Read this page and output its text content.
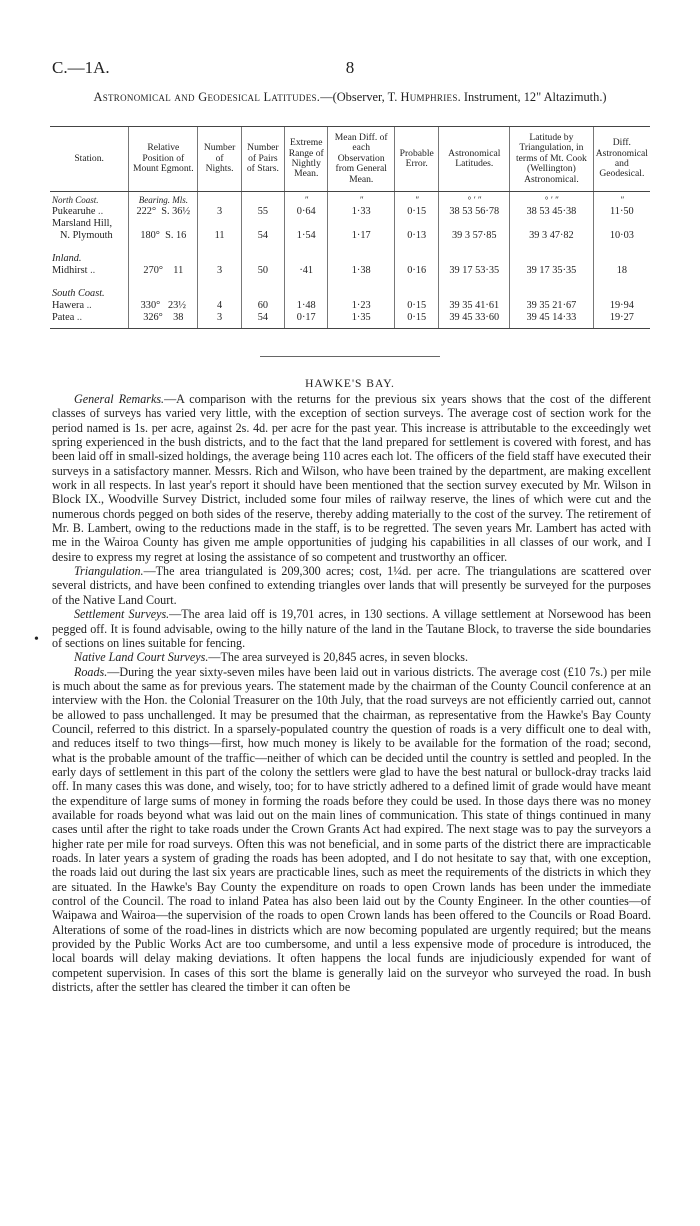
C.—1A.	8
Astronomical and Geodesical Latitudes.—(Observer, T. Humphries. Instrument, 12" Altazimuth.)
Station.	Relative Position of Mount Egmont.	Number of Nights.	Number of Pairs of Stars.	Extreme Range of Nightly Mean.	Mean Diff. of each Observation from General Mean.	Probable Error.	Astronomical Latitudes.	Latitude by Triangulation, in terms of Mt. Cook (Wellington) Astronomical.	Diff. Astronomical and Geodesical.
North Coast.	Bearing. Mls.			"	"	"	° ′ ″	° ′ ″	"
Pukearuhe ..	222° S. 36½	3	55	0·64	1·33	0·15	38 53 56·78	38 53 45·38	11·50
Marsland Hill,
N. Plymouth	180° S. 16	11	54	1·54	1·17	0·13	39 3 57·85	39 3 47·82	10·03
Inland.									
Midhirst ..	270° 11	3	50	·41	1·38	0·16	39 17 53·35	39 17 35·35	18
South Coast.									
Hawera ..	330° 23½	4	60	1·48	1·23	0·15	39 35 41·61	39 35 21·67	19·94
Patea ..	326° 38	3	54	0·17	1·35	0·15	39 45 33·60	39 45 14·33	19·27
HAWKE'S BAY.
•

General Remarks.—A comparison with the returns for the previous six years shows that the cost of the different classes of surveys has varied very little, with the exception of section surveys. The average cost of section work for the period named is 1s. per acre, against 2s. 4d. per acre for the past year. This increase is attributable to the exceedingly wet spring experienced in the bush districts, and to the fact that the land prepared for settlement is covered with forest, and has been laid off in small-sized holdings, the average being 110 acres each lot. The officers of the field staff have executed their surveys in a satisfactory manner. Messrs. Rich and Wilson, who have been trained by the department, are making excellent work in all respects. In last year's report it should have been mentioned that the section survey executed by Mr. Wilson in Block IX., Woodville Survey District, included some four miles of railway reserve, the lines of which were cut and the numerous chords pegged on both sides of the reserve, thereby adding materially to the cost of the survey. The retirement of Mr. B. Lambert, owing to the reductions made in the staff, is to be regretted. The seven years Mr. Lambert has acted with me in the Wairoa County has given me ample opportunities of judging his capabilities in all classes of our work, and I desire to express my regret at losing the assistance of so competent and trustworthy an officer.

Triangulation.—The area triangulated is 209,300 acres; cost, 1¼d. per acre. The triangulations are scattered over several districts, and have been confined to extending triangles over lands that will presently be surveyed for the purposes of the Native Land Court.

Settlement Surveys.—The area laid off is 19,701 acres, in 130 sections. A village settlement at Norsewood has been pegged off. It is found advisable, owing to the hilly nature of the land in the Tautane Block, to traverse the side boundaries of sections on lines suitable for fencing.

Native Land Court Surveys.—The area surveyed is 20,845 acres, in seven blocks.

Roads.—During the year sixty-seven miles have been laid out in various districts. The average cost (£10 7s.) per mile is much about the same as for previous years. The statement made by the chairman of the County Council conference at an interview with the Hon. the Colonial Treasurer on the 10th July, that the road surveys are not efficiently carried out, cannot be allowed to pass unchallenged. It may be presumed that the chairman, as representative from the Hawke's Bay County Council, referred to this district. In a sparsely-populated country the question of roads is a very difficult one to deal with, and reduces itself to two things—first, how much money is likely to be available for the formation of the road; second, what is the probable amount of the traffic—neither of which can be decided until the country is settled and peopled. In the early days of settlement in this part of the colony the settlers were glad to have the best natural or bullock-dray tracks laid off. In many cases this was done, and wisely, too; for to have strictly adhered to a defined limit of grade would have meant the expenditure of large sums of money in forming the roads before they could be used. In those days there was no money available for roads beyond what was laid out on the main lines of communication. This state of things continued in many cases until after the right to take roads under the Crown Grants Act had expired. The next stage was to pay the surveyors a higher rate per mile for road surveys. Often this was not beneficial, and in some parts of the district there are impracticable roads. In later years a system of grading the roads has been adopted, and I do not hesitate to say that, with one exception, the roads laid out during the last six years are practicable lines, such as meet the requirements of the districts in which they are situated. In the Hawke's Bay County the expenditure on roads to open Crown lands has been under the immediate control of the Council. The road to inland Patea has also been laid out by the County Engineer. In the other counties—of Waipawa and Wairoa—the supervision of the roads to open Crown lands has been offered to the Councils or Road Board. Alterations of some of the road-lines in districts which are now becoming populated are urgently required; but the means provided by the Public Works Act are too cumbersome, and until a less expensive mode of procedure is introduced, the local boards will delay making deviations. It often happens the local funds are injudiciously expended for want of competent supervision. In cases of this sort the blame is generally laid on the surveyor who surveyed the road. In bush districts, after the settler has cleared the timber it can often be
